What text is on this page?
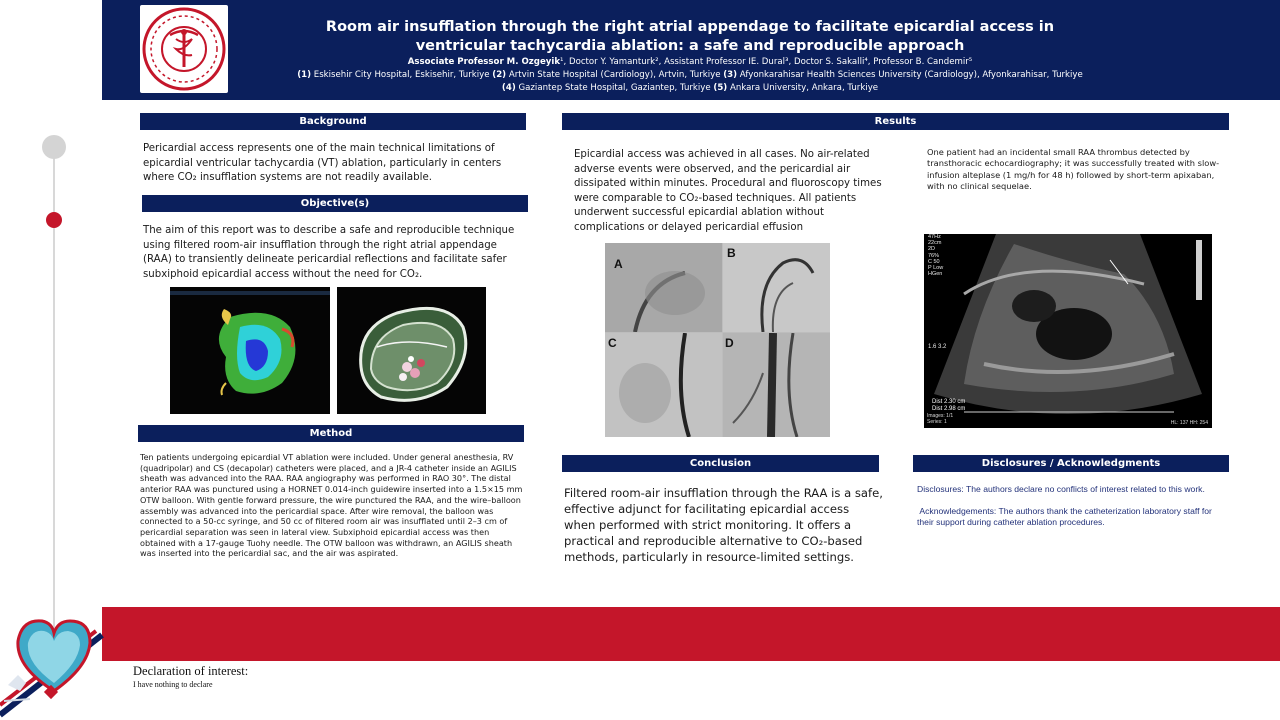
Room air insufflation through the right atrial appendage to facilitate epicardial access in ventricular tachycardia ablation: a safe and reproducible approach
Associate Professor M. Ozgeyik¹, Doctor Y. Yamanturk², Assistant Professor IE. Dural³, Doctor S. Sakalli⁴, Professor B. Candemir⁵
(1) Eskisehir City Hospital, Eskisehir, Turkiye (2) Artvin State Hospital (Cardiology), Artvin, Turkiye (3) Afyonkarahisar Health Sciences University (Cardiology), Afyonkarahisar, Turkiye
(4) Gaziantep State Hospital, Gaziantep, Turkiye (5) Ankara University, Ankara, Turkiye
Background
Pericardial access represents one of the main technical limitations of epicardial ventricular tachycardia (VT) ablation, particularly in centers where CO₂ insufflation systems are not readily available.
Objective(s)
The aim of this report was to describe a safe and reproducible technique using filtered room-air insufflation through the right atrial appendage (RAA) to transiently delineate pericardial reflections and facilitate safer subxiphoid epicardial access without the need for CO₂.
Method
Ten patients undergoing epicardial VT ablation were included. Under general anesthesia, RV (quadripolar) and CS (decapolar) catheters were placed, and a JR-4 catheter inside an AGILIS sheath was advanced into the RAA. RAA angiography was performed in RAO 30°. The distal anterior RAA was punctured using a HORNET 0.014-inch guidewire inserted into a 1.5×15 mm OTW balloon. With gentle forward pressure, the wire punctured the RAA, and the wire–balloon assembly was advanced into the pericardial space. After wire removal, the balloon was connected to a 50-cc syringe, and 50 cc of filtered room air was insufflated until 2–3 cm of pericardial separation was seen in lateral view. Subxiphoid epicardial access was then obtained with a 17-gauge Tuohy needle. The OTW balloon was withdrawn, an AGILIS sheath was inserted into the pericardial sac, and the air was aspirated.
Results
Epicardial access was achieved in all cases. No air-related adverse events were observed, and the pericardial air dissipated within minutes. Procedural and fluoroscopy times were comparable to CO₂-based techniques. All patients underwent successful epicardial ablation without complications or delayed pericardial effusion
One patient had an incidental small RAA thrombus detected by transthoracic echocardiography; it was successfully treated with slow-infusion alteplase (1 mg/h for 48 h) followed by short-term apixaban, with no clinical sequelae.
A
B
C	D
47Hz
22cm
2D
76%
C 50
P Low
HGen
1.6 3.2
Dist 2.30 cm
Dist 2.98 cm
Images: 1/1
Series: 1	HL: 137 HH: 254
Conclusion
Filtered room-air insufflation through the RAA is a safe, effective adjunct for facilitating epicardial access when performed with strict monitoring. It offers a practical and reproducible alternative to CO₂-based methods, particularly in resource-limited settings.
Disclosures / Acknowledgments
Disclosures: The authors declare no conflicts of interest related to this work.
Acknowledgements: The authors thank the catheterization laboratory staff for their support during catheter ablation procedures.
Declaration of interest:
I have nothing to declare
